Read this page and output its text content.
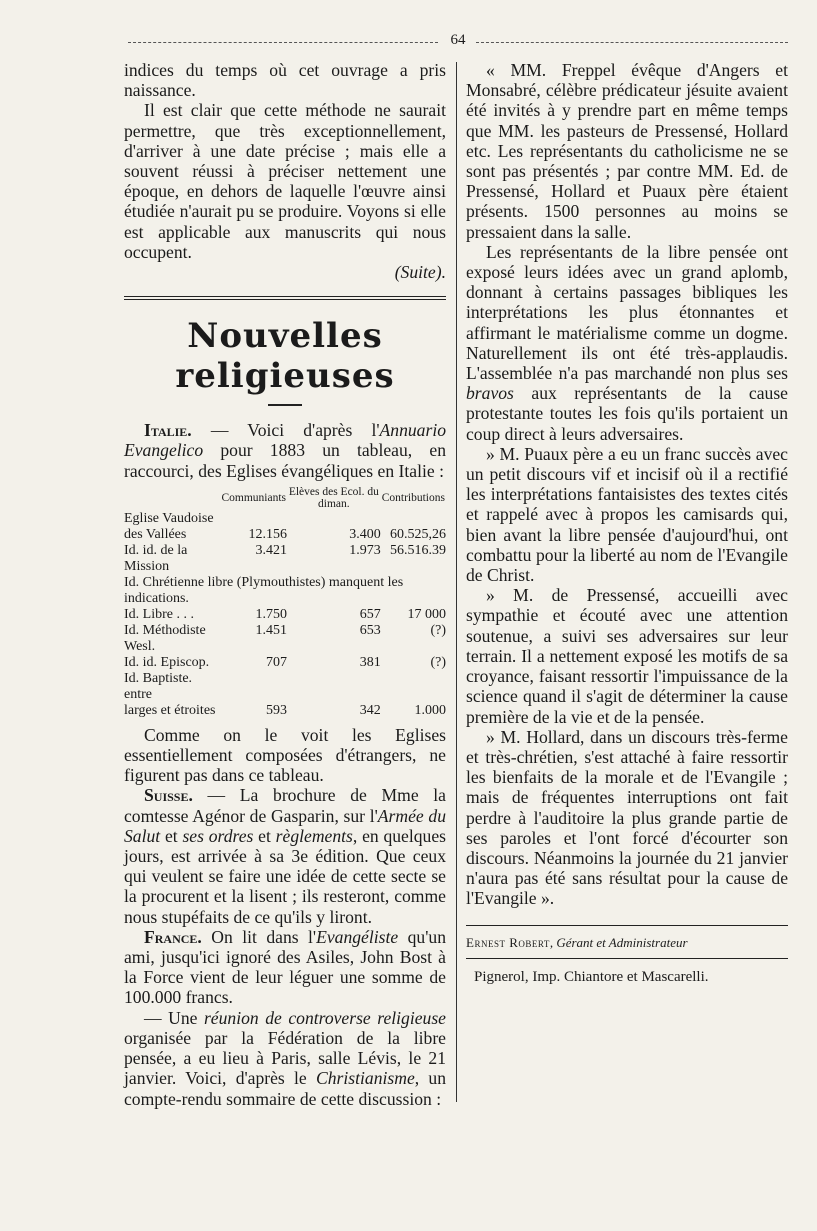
64

indices du temps où cet ouvrage a pris naissance.

Il est clair que cette méthode ne saurait permettre, que très exceptionnellement, d'arriver à une date précise ; mais elle a souvent réussi à préciser nettement une époque, en dehors de laquelle l'œuvre ainsi étudiée n'aurait pu se produire. Voyons si elle est applicable aux manuscrits qui nous occupent.

(Suite).

Nouvelles religieuses

Italie. — Voici d'après l'Annuario Evangelico pour 1883 un tableau, en raccourci, des Eglises évangéliques en Italie :

	Communiants	Elèves des Ecol. du diman.	Contributions
Eglise Vaudoise			
des Vallées	12.156	3.400	60.525,26
Id. id. de la Mission	3.421	1.973	56.516.39
Id. Chrétienne libre (Plymouthistes) manquent les indications.			
Id. Libre . . .	1.750	657	17 000
Id. Méthodiste Wesl.	1.451	653	(?)
Id. id. Episcop.	707	381	(?)
Id. Baptiste. entre			
larges et étroites	593	342	1.000

Comme on le voit les Eglises essentiellement composées d'étrangers, ne figurent pas dans ce tableau.

Suisse. — La brochure de Mme la comtesse Agénor de Gasparin, sur l'Armée du Salut et ses ordres et règlements, en quelques jours, est arrivée à sa 3e édition. Que ceux qui veulent se faire une idée de cette secte se la procurent et la lisent ; ils resteront, comme nous stupéfaits de ce qu'ils y liront.

France. On lit dans l'Evangéliste qu'un ami, jusqu'ici ignoré des Asiles, John Bost à la Force vient de leur léguer une somme de 100.000 francs.

— Une réunion de controverse religieuse organisée par la Fédération de la libre pensée, a eu lieu à Paris, salle Lévis, le 21 janvier. Voici, d'après le Christianisme, un compte-rendu sommaire de cette discussion :

« MM. Freppel évêque d'Angers et Monsabré, célèbre prédicateur jésuite avaient été invités à y prendre part en même temps que MM. les pasteurs de Pressensé, Hollard etc. Les représentants du catholicisme ne se sont pas présentés ; par contre MM. Ed. de Pressensé, Hollard et Puaux père étaient présents. 1500 personnes au moins se pressaient dans la salle.

Les représentants de la libre pensée ont exposé leurs idées avec un grand aplomb, donnant à certains passages bibliques les interprétations les plus étonnantes et affirmant le matérialisme comme un dogme. Naturellement ils ont été très-applaudis. L'assemblée n'a pas marchandé non plus ses bravos aux représentants de la cause protestante toutes les fois qu'ils portaient un coup direct à leurs adversaires.

» M. Puaux père a eu un franc succès avec un petit discours vif et incisif où il a rectifié les interprétations fantaisistes des textes cités et rappelé avec à propos les camisards qui, bien avant la libre pensée d'aujourd'hui, ont combattu pour la liberté au nom de l'Evangile de Christ.

» M. de Pressensé, accueilli avec sympathie et écouté avec une attention soutenue, a suivi ses adversaires sur leur terrain. Il a nettement exposé les motifs de sa croyance, faisant ressortir l'impuissance de la science quand il s'agit de déterminer la cause première de la vie et de la pensée.

» M. Hollard, dans un discours très-ferme et très-chrétien, s'est attaché à faire ressortir les bienfaits de la morale et de l'Evangile ; mais de fréquentes interruptions ont fait perdre à l'auditoire la plus grande partie de ses paroles et l'ont forcé d'écourter son discours. Néanmoins la journée du 21 janvier n'aura pas été sans résultat pour la cause de l'Evangile ».

Ernest Robert, Gérant et Administrateur
Pignerol, Imp. Chiantore et Mascarelli.
